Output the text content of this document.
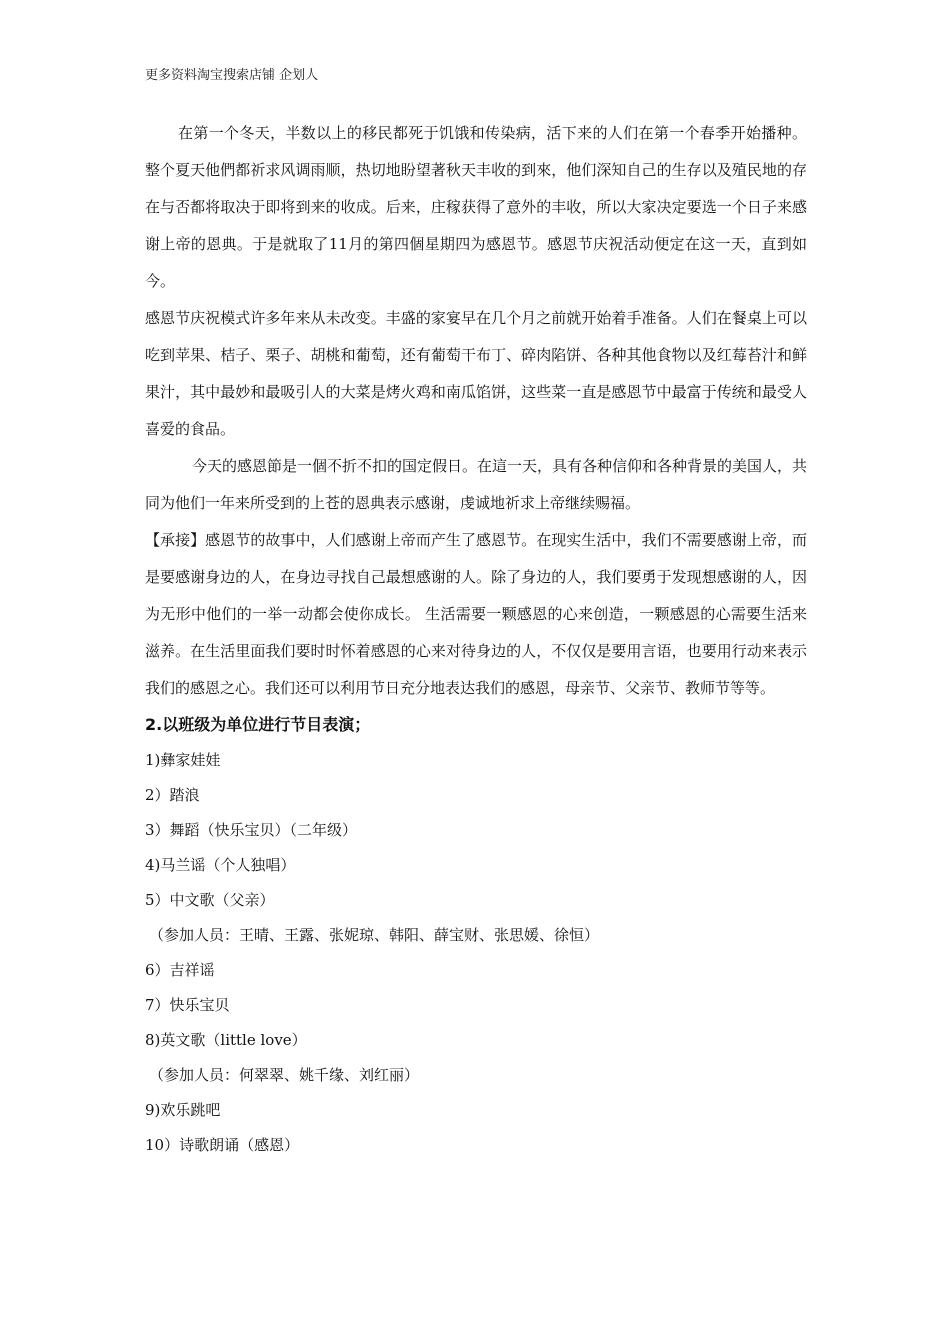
更多资料淘宝搜索店铺 企划人

在第一个冬天，半数以上的移民都死于饥饿和传染病，活下来的人们在第一个春季开始播种。整个夏天他們都祈求风调雨顺，热切地盼望著秋天丰收的到來，他们深知自己的生存以及殖民地的存在与否都将取决于即将到来的收成。后来，庄稼获得了意外的丰收，所以大家决定要选一个日子来感谢上帝的恩典。于是就取了11月的第四個星期四为感恩节。感恩节庆祝活动便定在这一天，直到如今。

感恩节庆祝模式许多年来从未改变。丰盛的家宴早在几个月之前就开始着手准备。人们在餐桌上可以吃到苹果、桔子、栗子、胡桃和葡萄，还有葡萄干布丁、碎肉陷饼、各种其他食物以及红莓苔汁和鲜果汁，其中最妙和最吸引人的大菜是烤火鸡和南瓜馅饼，这些菜一直是感恩节中最富于传统和最受人喜爱的食品。

今天的感恩節是一個不折不扣的国定假日。在這一天，具有各种信仰和各种背景的美国人，共同为他们一年来所受到的上苍的恩典表示感谢，虔诚地祈求上帝继续赐福。

【承接】感恩节的故事中，人们感谢上帝而产生了感恩节。在现实生活中，我们不需要感谢上帝，而是要感谢身边的人，在身边寻找自己最想感谢的人。除了身边的人，我们要勇于发现想感谢的人，因为无形中他们的一举一动都会使你成长。 生活需要一颗感恩的心来创造，一颗感恩的心需要生活来滋养。在生活里面我们要时时怀着感恩的心来对待身边的人，不仅仅是要用言语，也要用行动来表示我们的感恩之心。我们还可以利用节日充分地表达我们的感恩，母亲节、父亲节、教师节等等。

2.以班级为单位进行节目表演；

1)彝家娃娃
2）踏浪
3）舞蹈（快乐宝贝）（二年级）
4)马兰谣（个人独唱）
5）中文歌（父亲）
（参加人员：王晴、王露、张妮琼、韩阳、薛宝财、张思媛、徐恒）
6）吉祥谣
7）快乐宝贝
8)英文歌（little love）
（参加人员：何翠翠、姚千缘、刘红丽）
9)欢乐跳吧
10）诗歌朗诵（感恩）
